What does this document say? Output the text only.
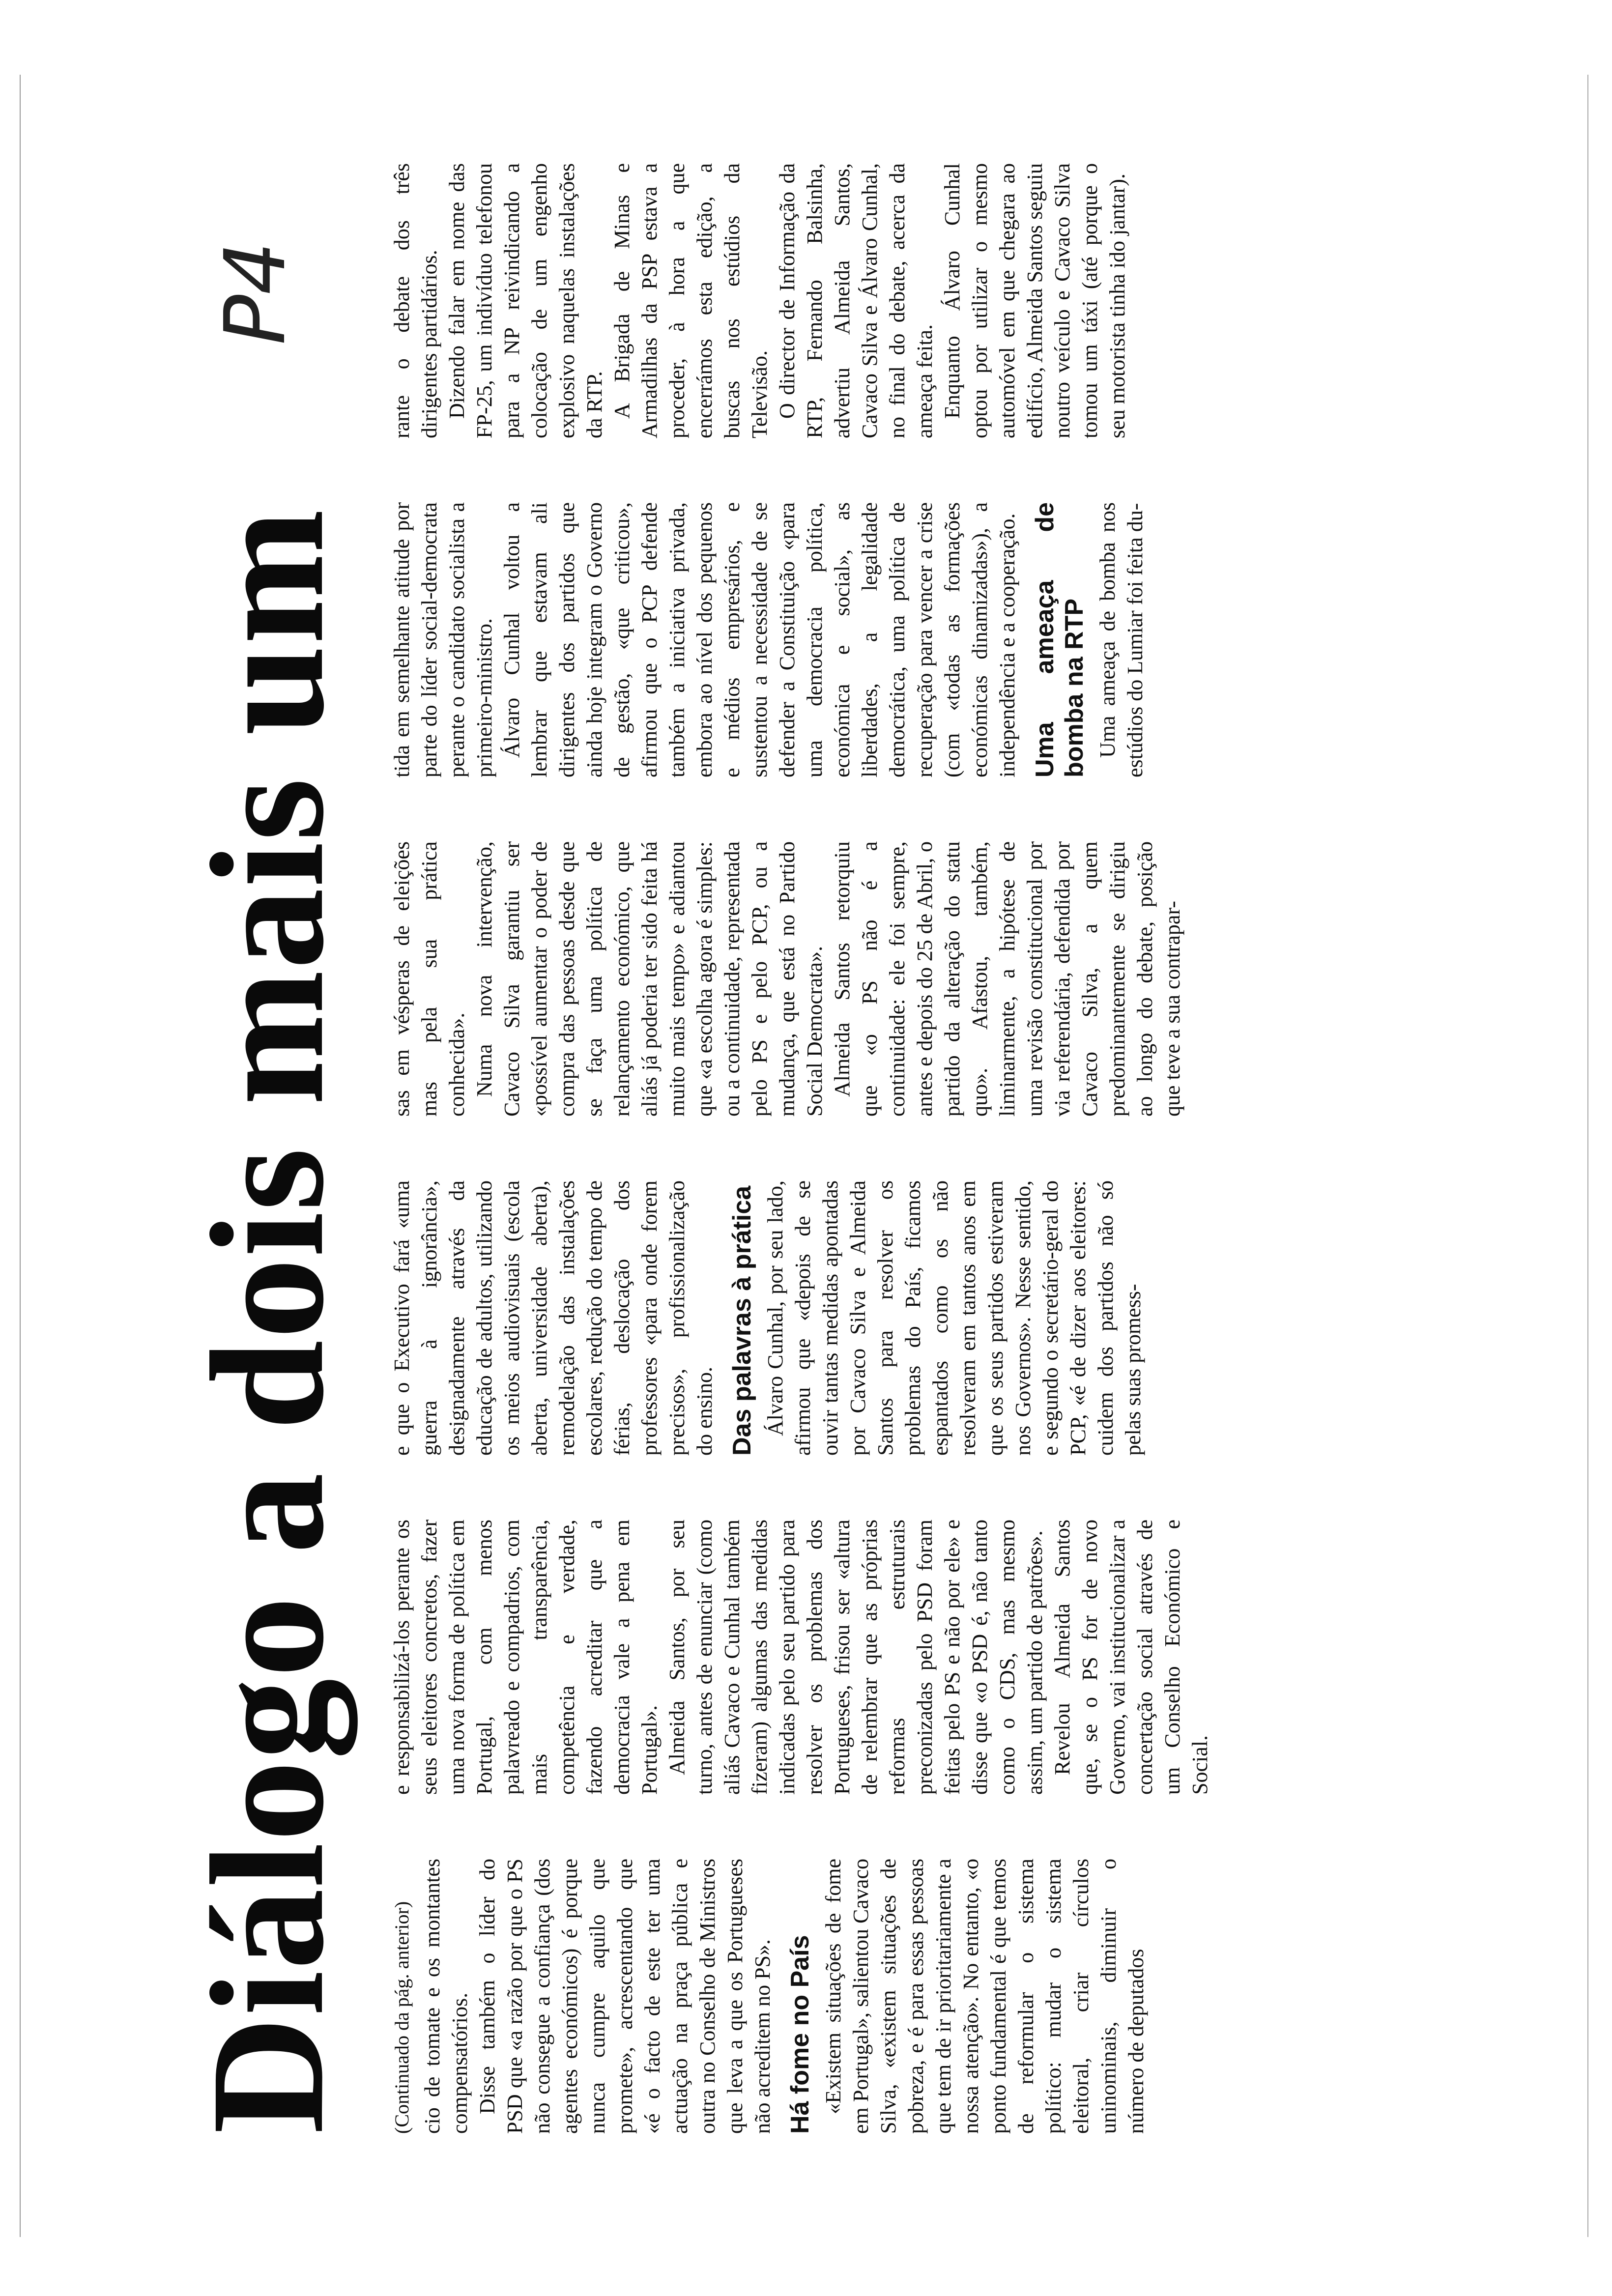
Diálogo a dois mais um
P4

(Continuado da pág. anterior) cio de tomate e os montantes compensatórios. Disse também o líder do PSD que «a razão por que o PS não consegue a confiança (dos agentes económicos) é porque nunca cumpre aquilo que promete», acrescentando que «é o facto de este ter uma actuação na praça pública e outra no Conselho de Ministros que leva a que os Portugueses não acreditem no PS». Há fome no País «Existem situações de fome em Portugal», salientou Cavaco Silva, «existem situações de pobreza, e é para essas pessoas que tem de ir prioritariamente a nossa atenção». No entanto, «o ponto fundamental é que temos de reformular o sistema político: mudar o sistema eleitoral, criar círculos uninominais, diminuir o número de deputados

e responsabilizá-los perante os seus eleitores concretos, fazer uma nova forma de política em Portugal, com menos palavreado e compadrios, com mais transparência, competência e verdade, fazendo acreditar que a democracia vale a pena em Portugal». Almeida Santos, por seu turno, antes de enunciar (como aliás Cavaco e Cunhal também fizeram) algumas das medidas indicadas pelo seu partido para resolver os problemas dos Portugueses, frisou ser «altura de relembrar que as próprias reformas estruturais preconizadas pelo PSD foram feitas pelo PS e não por ele» e disse que «o PSD é, não tanto como o CDS, mas mesmo assim, um partido de patrões». Revelou Almeida Santos que, se o PS for de novo Governo, vai institucionalizar a concertação social através de um Conselho Económico e Social.

e que o Executivo fará «uma guerra à ignorância», designadamente através da educação de adultos, utilizando os meios audiovisuais (escola aberta, universidade aberta), remodelação das instalações escolares, redução do tempo de férias, deslocação dos professores «para onde forem precisos», profissionalização do ensino. Das palavras à prática Álvaro Cunhal, por seu lado, afirmou que «depois de se ouvir tantas medidas apontadas por Cavaco Silva e Almeida Santos para resolver os problemas do País, ficamos espantados como os não resolveram em tantos anos em que os seus partidos estiveram nos Governos». Nesse sentido, e segundo o secretário-geral do PCP, «é de dizer aos eleitores: cuidem dos partidos não só pelas suas promess-

sas em vésperas de eleições mas pela sua prática conhecida». Numa nova intervenção, Cavaco Silva garantiu ser «possível aumentar o poder de compra das pessoas desde que se faça uma política de relançamento económico, que aliás já poderia ter sido feita há muito mais tempo» e adiantou que «a escolha agora é simples: ou a continuidade, representada pelo PS e pelo PCP, ou a mudança, que está no Partido Social Democrata». Almeida Santos retorquiu que «o PS não é a continuidade: ele foi sempre, antes e depois do 25 de Abril, o partido da alteração do statu quo». Afastou, também, liminarmente, a hipótese de uma revisão constitucional por via referendária, defendida por Cavaco Silva, a quem predominantemente se dirigiu ao longo do debate, posição que teve a sua contrapar-

tida em semelhante atitude por parte do líder social-democrata perante o candidato socialista a primeiro-ministro. Álvaro Cunhal voltou a lembrar que estavam ali dirigentes dos partidos que ainda hoje integram o Governo de gestão, «que criticou», afirmou que o PCP defende também a iniciativa privada, embora ao nível dos pequenos e médios empresários, e sustentou a necessidade de se defender a Constituição «para uma democracia política, económica e social», as liberdades, a legalidade democrática, uma política de recuperação para vencer a crise (com «todas as formações económicas dinamizadas»), a independência e a cooperação. Uma ameaça de bomba na RTP Uma ameaça de bomba nos estúdios do Lumiar foi feita du-

rante o debate dos três dirigentes partidários. Dizendo falar em nome das FP-25, um indivíduo telefonou para a NP reivindicando a colocação de um engenho explosivo naquelas instalações da RTP. A Brigada de Minas e Armadilhas da PSP estava a proceder, à hora a que encerrámos esta edição, a buscas nos estúdios da Televisão. O director de Informação da RTP, Fernando Balsinha, advertiu Almeida Santos, Cavaco Silva e Álvaro Cunhal, no final do debate, acerca da ameaça feita. Enquanto Álvaro Cunhal optou por utilizar o mesmo automóvel em que chegara ao edifício, Almeida Santos seguiu noutro veículo e Cavaco Silva tomou um táxi (até porque o seu motorista tinha ido jantar).
